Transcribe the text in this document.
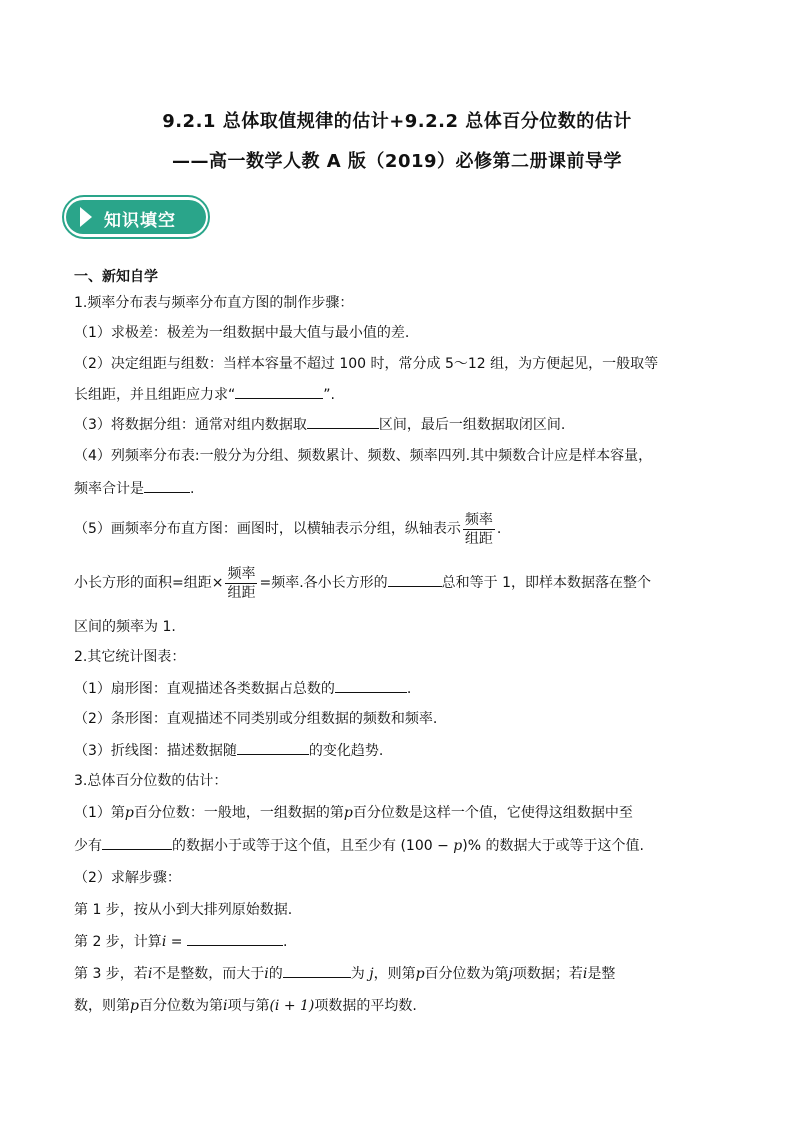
9.2.1 总体取值规律的估计+9.2.2 总体百分位数的估计
——高一数学人教 A 版（2019）必修第二册课前导学
知识填空
一、新知自学
1.频率分布表与频率分布直方图的制作步骤：
（1）求极差：极差为一组数据中最大值与最小值的差.
（2）决定组距与组数：当样本容量不超过 100 时，常分成 5～12 组，为方便起见，一般取等
长组距，并且组距应力求“	”.
（3）将数据分组：通常对组内数据取	区间，最后一组数据取闭区间.
（4）列频率分布表:一般分为分组、频数累计、频数、频率四列.其中频数合计应是样本容量，
频率合计是	.
（5）画频率分布直方图：画图时，以横轴表示分组，纵轴表示 $\frac{\text{频率}}{\text{组距}}$ .
小长方形的面积=组距× $\frac{\text{频率}}{\text{组距}}$ =频率.各小长方形的	总和等于 1，即样本数据落在整个
区间的频率为 1.
2.其它统计图表：
（1）扇形图：直观描述各类数据占总数的	.
（2）条形图：直观描述不同类别或分组数据的频数和频率.
（3）折线图：描述数据随	的变化趋势.
3.总体百分位数的估计：
（1）第p百分位数：一般地，一组数据的第p百分位数是这样一个值，它使得这组数据中至
少有	的数据小于或等于这个值，且至少有 (100 − p)% 的数据大于或等于这个值.
（2）求解步骤：
第 1 步，按从小到大排列原始数据.
第 2 步，计算i =	.
第 3 步，若i不是整数，而大于i的	为 j，则第p百分位数为第j项数据；若i是整
数，则第p百分位数为第i项与第(i + 1)项数据的平均数.
